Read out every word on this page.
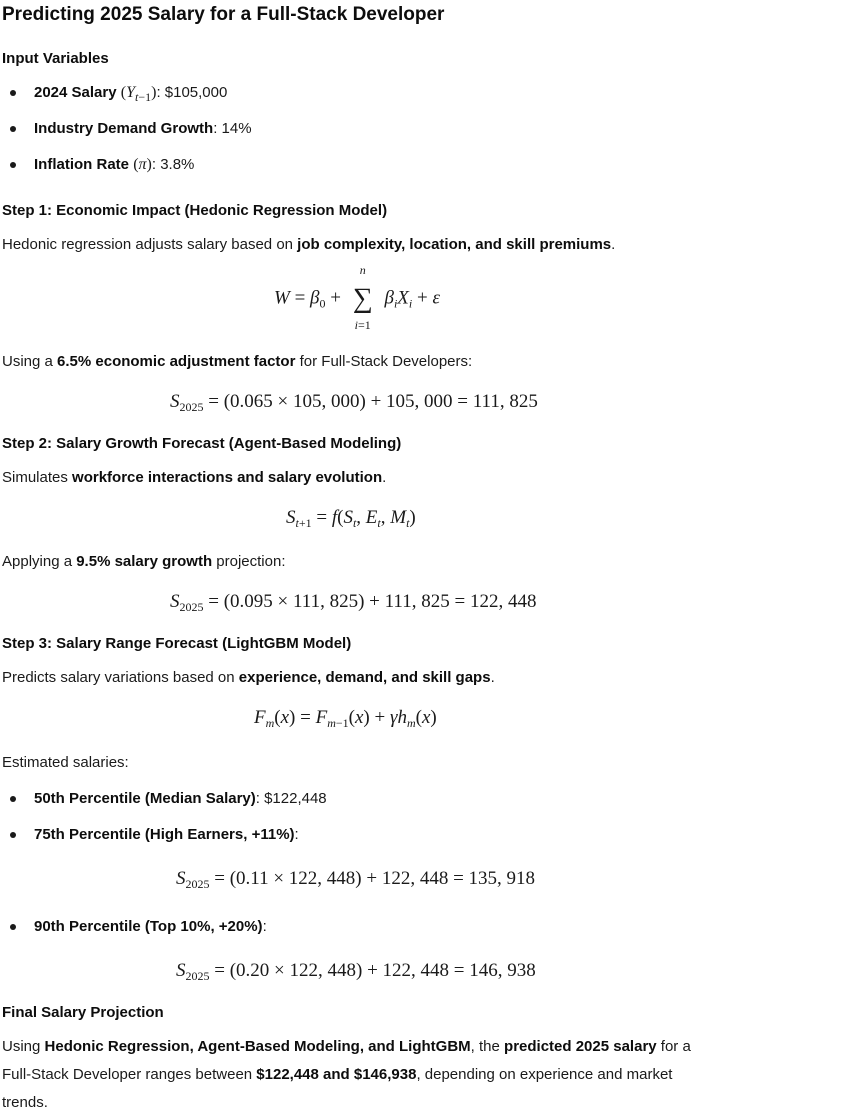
Predicting 2025 Salary for a Full-Stack Developer
Input Variables
2024 Salary $(Y_{t-1})$: $105,000
Industry Demand Growth: 14%
Inflation Rate (π): 3.8%
Step 1: Economic Impact (Hedonic Regression Model)
Hedonic regression adjusts salary based on job complexity, location, and skill premiums.
$W = \beta_0$ +
n
∑
i=1
$\beta_iX_i + \varepsilon$
Using a 6.5% economic adjustment factor for Full-Stack Developers:
$S_{2025} = (0.065 \times 105$, 000) + 105, 000 = 111, 825
Step 2: Salary Growth Forecast (Agent-Based Modeling)
Simulates workforce interactions and salary evolution.
$S_{t+1} = f(S_t$, $E_t$, $M_t$)
Applying a 9.5% salary growth projection:
$S_{2025} = (0.095 \times 111$, 825) + 111, 825 = 122, 448
Step 3: Salary Range Forecast (LightGBM Model)
Predicts salary variations based on experience, demand, and skill gaps.
$F_m(x) = F_{m-1}(x) + \gamma h_m(x)$
Estimated salaries:
50th Percentile (Median Salary): $122,448
75th Percentile (High Earners, +11%):
$S_{2025} = (0.11 \times 122$, 448) + 122, 448 = 135, 918
90th Percentile (Top 10%, +20%):
$S_{2025} = (0.20 \times 122$, 448) + 122, 448 = 146, 938
Final Salary Projection
Using Hedonic Regression, Agent-Based Modeling, and LightGBM, the predicted 2025 salary for a
Full-Stack Developer ranges between $122,448 and $146,938, depending on experience and market
trends.
